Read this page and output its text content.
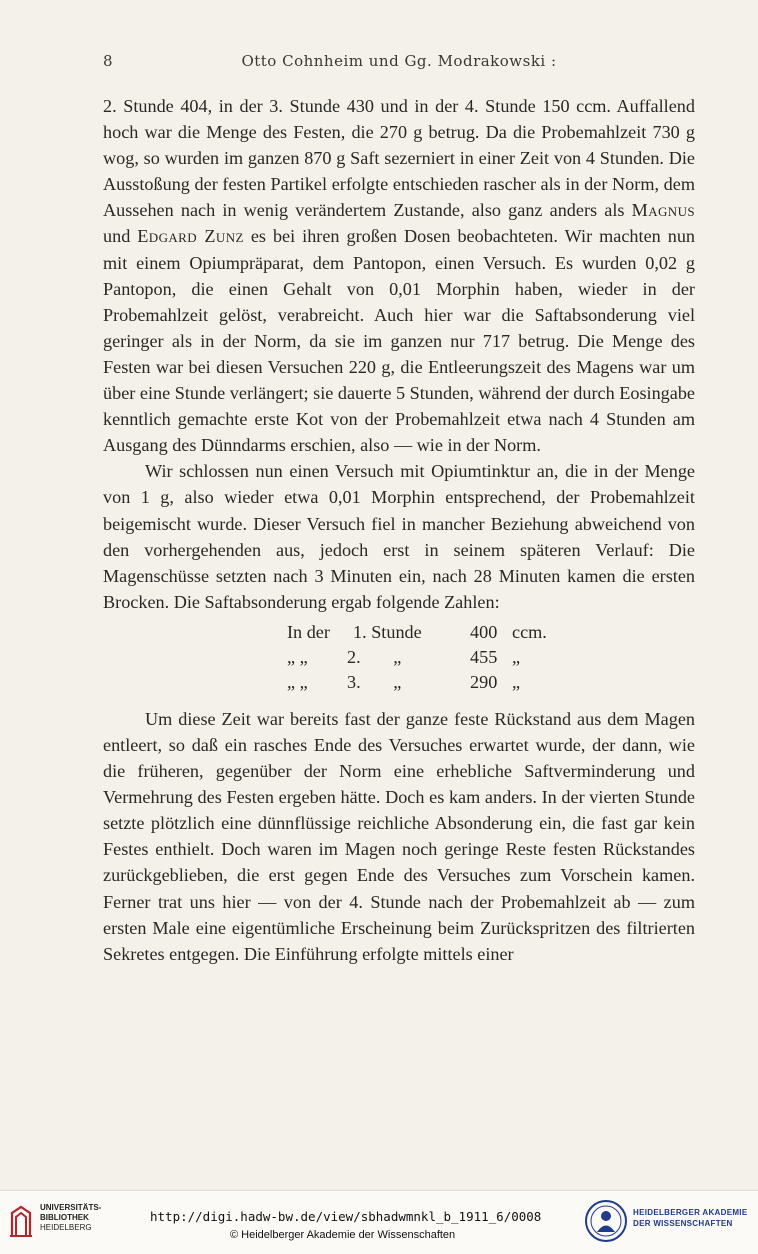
8	Otto Cohnheim und Gg. Modrakowski :

2. Stunde 404, in der 3. Stunde 430 und in der 4. Stunde 150 ccm. Auffallend hoch war die Menge des Festen, die 270 g betrug. Da die Probemahlzeit 730 g wog, so wurden im ganzen 870 g Saft sezerniert in einer Zeit von 4 Stunden. Die Ausstoßung der festen Partikel erfolgte entschieden rascher als in der Norm, dem Aussehen nach in wenig verändertem Zustande, also ganz anders als Magnus und Edgard Zunz es bei ihren großen Dosen beobachteten. Wir machten nun mit einem Opiumpräparat, dem Pantopon, einen Versuch. Es wurden 0,02 g Pantopon, die einen Gehalt von 0,01 Morphin haben, wieder in der Probemahlzeit gelöst, verabreicht. Auch hier war die Saftabsonderung viel geringer als in der Norm, da sie im ganzen nur 717 betrug. Die Menge des Festen war bei diesen Versuchen 220 g, die Entleerungszeit des Magens war um über eine Stunde verlängert; sie dauerte 5 Stunden, während der durch Eosingabe kenntlich gemachte erste Kot von der Probemahlzeit etwa nach 4 Stunden am Ausgang des Dünndarms erschien, also — wie in der Norm.

Wir schlossen nun einen Versuch mit Opiumtinktur an, die in der Menge von 1 g, also wieder etwa 0,01 Morphin entsprechend, der Probemahlzeit beigemischt wurde. Dieser Versuch fiel in mancher Beziehung abweichend von den vorhergehenden aus, jedoch erst in seinem späteren Verlauf: Die Magenschüsse setzten nach 3 Minuten ein, nach 28 Minuten kamen die ersten Brocken. Die Saftabsonderung ergab folgende Zahlen:

In der 1. Stunde	400 ccm.
„ „ 2. „	455 „
„ „ 3. „	290 „

Um diese Zeit war bereits fast der ganze feste Rückstand aus dem Magen entleert, so daß ein rasches Ende des Versuches erwartet wurde, der dann, wie die früheren, gegenüber der Norm eine erhebliche Saftverminderung und Vermehrung des Festen ergeben hätte. Doch es kam anders. In der vierten Stunde setzte plötzlich eine dünnflüssige reichliche Absonderung ein, die fast gar kein Festes enthielt. Doch waren im Magen noch geringe Reste festen Rückstandes zurückgeblieben, die erst gegen Ende des Versuches zum Vorschein kamen. Ferner trat uns hier — von der 4. Stunde nach der Probemahlzeit ab — zum ersten Male eine eigentümliche Erscheinung beim Zurückspritzen des filtrierten Sekretes entgegen. Die Einführung erfolgte mittels einer

UNIVERSITÄTS-
BIBLIOTHEK
HEIDELBERG
http://digi.hadw-bw.de/view/sbhadwmnkl_b_1911_6/0008
© Heidelberger Akademie der Wissenschaften
HEIDELBERGER AKADEMIE
DER WISSENSCHAFTEN
